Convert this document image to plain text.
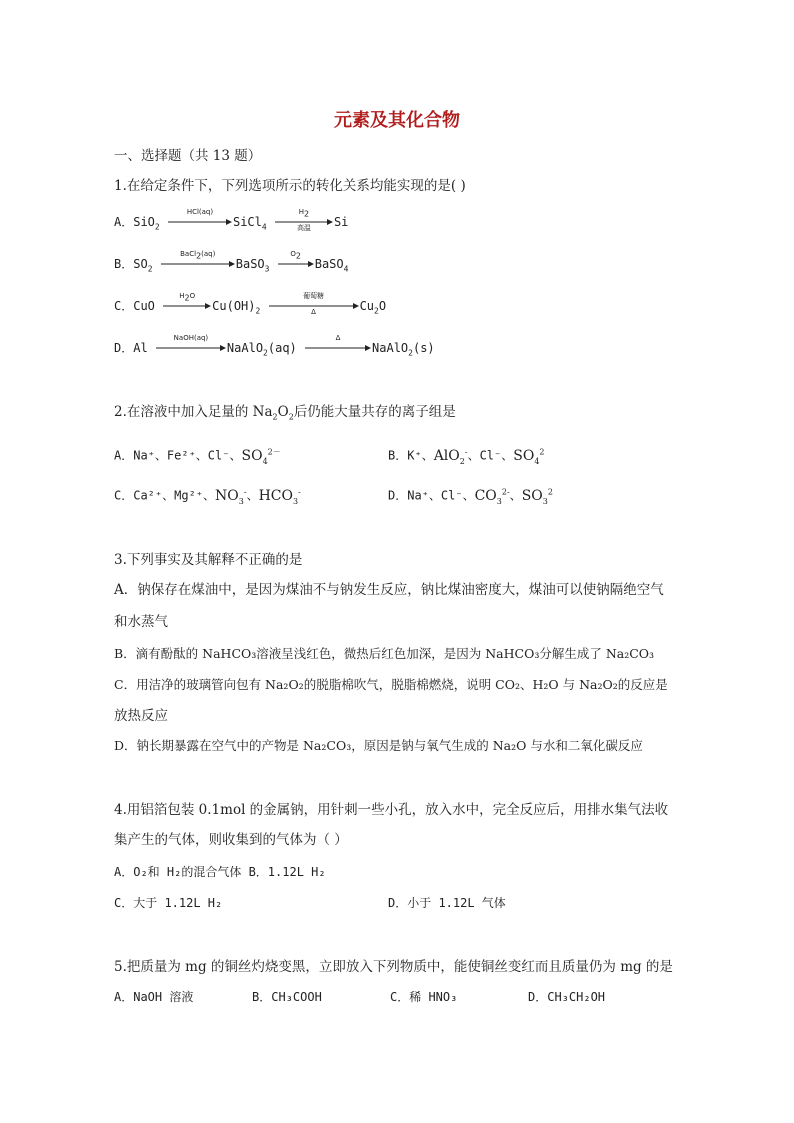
元素及其化合物
一、选择题（共 13 题）
1.在给定条件下，下列选项所示的转化关系均能实现的是( )
A．SiO$_2$
HCl(aq)
SiCl$_4$
$H_2$
高温	Si
B．$SO_2$
BaCl$_2$(aq)
BaSO$_3$
$O_2$
BaSO$_4$
C．CuO
$H_2O$
$Cu(OH)_2$
葡萄糖
Δ	$Cu_2O$
D．Al
NaOH(aq)
NaAlO$_2$(aq)
Δ
NaAlO$_2$(s)
2.在溶液中加入足量的 $Na_2O_2$后仍能大量共存的离子组是
A．Na⁺、Fe²⁺、Cl⁻、$SO_4^{2-}$	B．K⁺、AlO$_2$-、Cl⁻、$SO_4^2$
C．Ca²⁺、Mg²⁺、$NO_3^-$、$HCO_3^-$	D．Na⁺、Cl⁻、$CO_3^{2-}$、$SO_3^2$
3.下列事实及其解释不正确的是
A．钠保存在煤油中，是因为煤油不与钠发生反应，钠比煤油密度大，煤油可以使钠隔绝空气
和水蒸气
B．滴有酚酞的 NaHCO₃溶液呈浅红色，微热后红色加深，是因为 NaHCO₃分解生成了 Na₂CO₃
C．用洁净的玻璃管向包有 Na₂O₂的脱脂棉吹气，脱脂棉燃烧，说明 CO₂、H₂O 与 Na₂O₂的反应是
放热反应
D．钠长期暴露在空气中的产物是 Na₂CO₃，原因是钠与氧气生成的 Na₂O 与水和二氧化碳反应
4.用铝箔包装 0.1mol 的金属钠，用针刺一些小孔，放入水中，完全反应后，用排水集气法收
集产生的气体，则收集到的气体为（ ）
A．O₂和 H₂的混合气体 B．1.12L H₂
C．大于 1.12L H₂	D．小于 1.12L 气体
5.把质量为 mg 的铜丝灼烧变黑，立即放入下列物质中，能使铜丝变红而且质量仍为 mg 的是
A．NaOH 溶液	B．CH₃COOH	C．稀 HNO₃	D．CH₃CH₂OH
